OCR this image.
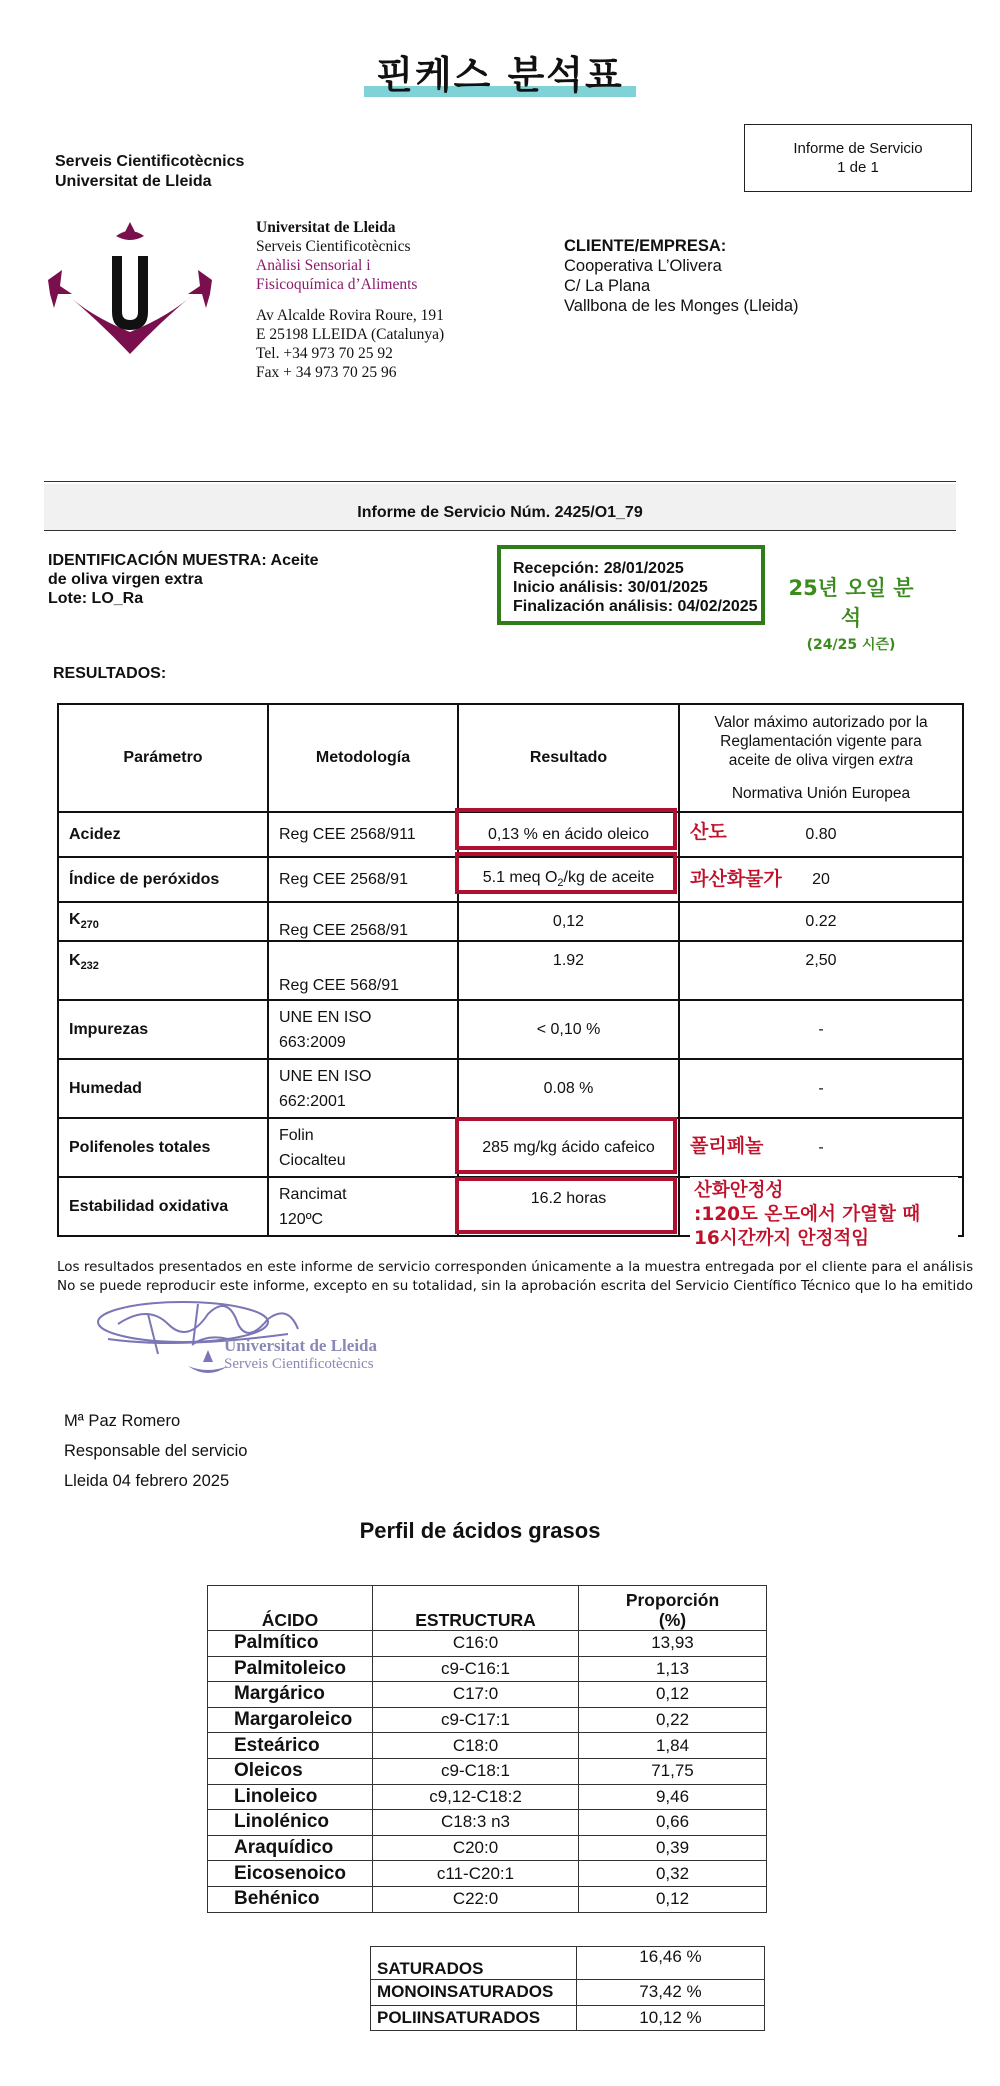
핀케스 분석표
Serveis Cientificotècnics
Universitat de Lleida
Informe de Servicio
1 de 1
Universitat de Lleida
Serveis Cientificotècnics
Anàlisi Sensorial i
Fisicoquímica d’Aliments
Av Alcalde Rovira Roure, 191
E 25198 LLEIDA (Catalunya)
Tel. +34 973 70 25 92
Fax + 34 973 70 25 96
CLIENTE/EMPRESA:
Cooperativa L’Olivera
C/ La Plana
Vallbona de les Monges (Lleida)
Informe de Servicio Núm. 2425/O1_79
IDENTIFICACIÓN MUESTRA: Aceite
de oliva virgen extra
Lote: LO_Ra
Recepción: 28/01/2025
Inicio análisis: 30/01/2025
Finalización análisis: 04/02/2025
25년 오일 분석
(24/25 시즌)
RESULTADOS:
Parámetro	Metodología	Resultado	Valor máximo autorizado por la
Reglamentación vigente para
aceite de oliva virgen extra
Normativa Unión Europea

Acidez	Reg CEE 2568/911	0,13 % en ácido oleico	0.80
Índice de peróxidos	Reg CEE 2568/91	5.1 meq $O_2/kg$ de aceite	20
$K_{270}$	Reg CEE 2568/91	0,12	0.22
$K_{232}$	Reg CEE 568/91	1.92	2,50
Impurezas	UNE EN ISO
663:2009	< 0,10 %	-
Humedad	UNE EN ISO
662:2001	0.08 %	-
Polifenoles totales	Folin
Ciocalteu	285 mg/kg ácido cafeico	-
Estabilidad oxidativa	Rancimat
120ºC	16.2 horas	
산도
과산화물가
폴리페놀
산화안정성
:120도 온도에서 가열할 때
16시간까지 안정적임
Los resultados presentados en este informe de servicio corresponden únicamente a la muestra entregada por el cliente para el análisis
No se puede reproducir este informe, excepto en su totalidad, sin la aprobación escrita del Servicio Científico Técnico que lo ha emitido
Universitat de Lleida
Serveis Cientificotècnics
Mª Paz Romero
Responsable del servicio
Lleida 04 febrero 2025
Perfil de ácidos grasos
ÁCIDO	ESTRUCTURA	Proporción
(%)

Palmítico	C16:0	13,93
Palmitoleico	c9-C16:1	1,13
Margárico	C17:0	0,12
Margaroleico	c9-C17:1	0,22
Esteárico	C18:0	1,84
Oleicos	c9-C18:1	71,75
Linoleico	c9,12-C18:2	9,46
Linolénico	C18:3 n3	0,66
Araquídico	C20:0	0,39
Eicosenoico	c11-C20:1	0,32
Behénico	C22:0	0,12
SATURADOS	16,46 %
MONOINSATURADOS	73,42 %
POLIINSATURADOS	10,12 %
